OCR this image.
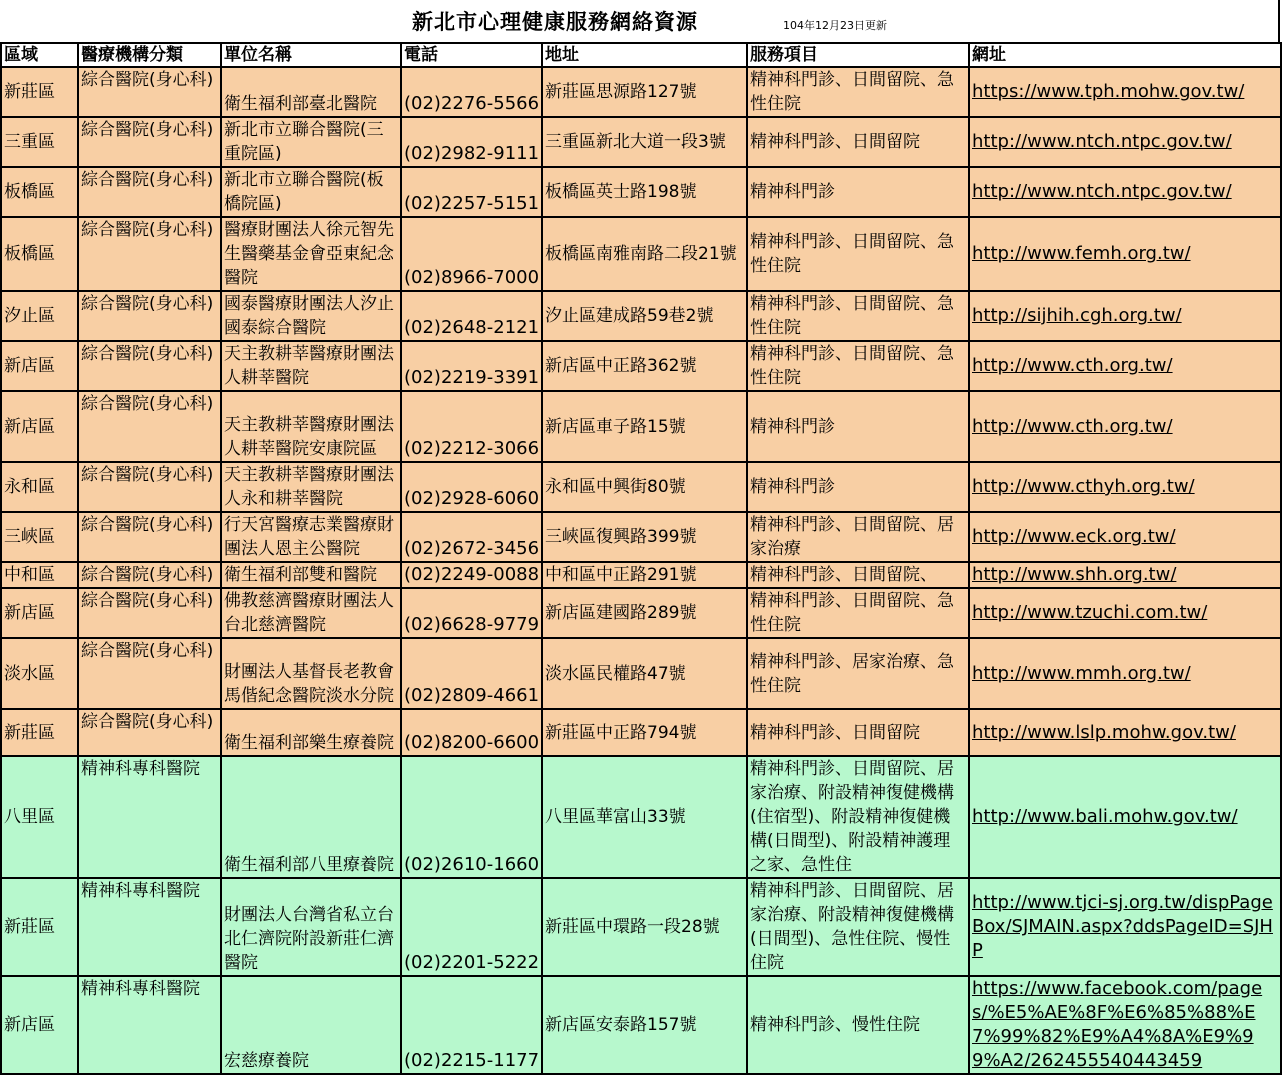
新北市心理健康服務網絡資源	104年12月23日更新
區域	醫療機構分類	單位名稱	電話	地址	服務項目	網址
新莊區	綜合醫院(身心科)	衛生福利部臺北醫院	(02)2276-5566	新莊區思源路127號	精神科門診、日間留院、急性住院	https://www.tph.mohw.gov.tw/
三重區	綜合醫院(身心科)	新北市立聯合醫院(三重院區)	(02)2982-9111	三重區新北大道一段3號	精神科門診、日間留院	http://www.ntch.ntpc.gov.tw/
板橋區	綜合醫院(身心科)	新北市立聯合醫院(板橋院區)	(02)2257-5151	板橋區英士路198號	精神科門診	http://www.ntch.ntpc.gov.tw/
板橋區	綜合醫院(身心科)	醫療財團法人徐元智先生醫藥基金會亞東紀念醫院	(02)8966-7000	板橋區南雅南路二段21號	精神科門診、日間留院、急性住院	http://www.femh.org.tw/
汐止區	綜合醫院(身心科)	國泰醫療財團法人汐止國泰綜合醫院	(02)2648-2121	汐止區建成路59巷2號	精神科門診、日間留院、急性住院	http://sijhih.cgh.org.tw/
新店區	綜合醫院(身心科)	天主教耕莘醫療財團法人耕莘醫院	(02)2219-3391	新店區中正路362號	精神科門診、日間留院、急性住院	http://www.cth.org.tw/
新店區	綜合醫院(身心科)	天主教耕莘醫療財團法人耕莘醫院安康院區	(02)2212-3066	新店區車子路15號	精神科門診	http://www.cth.org.tw/
永和區	綜合醫院(身心科)	天主教耕莘醫療財團法人永和耕莘醫院	(02)2928-6060	永和區中興街80號	精神科門診	http://www.cthyh.org.tw/
三峽區	綜合醫院(身心科)	行天宮醫療志業醫療財團法人恩主公醫院	(02)2672-3456	三峽區復興路399號	精神科門診、日間留院、居家治療	http://www.eck.org.tw/
中和區	綜合醫院(身心科)	衛生福利部雙和醫院	(02)2249-0088	中和區中正路291號	精神科門診、日間留院、	http://www.shh.org.tw/
新店區	綜合醫院(身心科)	佛教慈濟醫療財團法人台北慈濟醫院	(02)6628-9779	新店區建國路289號	精神科門診、日間留院、急性住院	http://www.tzuchi.com.tw/
淡水區	綜合醫院(身心科)	財團法人基督長老教會馬偕紀念醫院淡水分院	(02)2809-4661	淡水區民權路47號	精神科門診、居家治療、急性住院	http://www.mmh.org.tw/
新莊區	綜合醫院(身心科)	衛生福利部樂生療養院	(02)8200-6600	新莊區中正路794號	精神科門診、日間留院	http://www.lslp.mohw.gov.tw/
八里區	精神科專科醫院	衛生福利部八里療養院	(02)2610-1660	八里區華富山33號	精神科門診、日間留院、居家治療、附設精神復健機構(住宿型)、附設精神復健機構(日間型)、附設精神護理之家、急性住	http://www.bali.mohw.gov.tw/
新莊區	精神科專科醫院	財團法人台灣省私立台北仁濟院附設新莊仁濟醫院	(02)2201-5222	新莊區中環路一段28號	精神科門診、日間留院、居家治療、附設精神復健機構(日間型)、急性住院、慢性住院	http://www.tjci-sj.org.tw/dispPageBox/SJMAIN.aspx?ddsPageID=SJHP
新店區	精神科專科醫院	宏慈療養院	(02)2215-1177	新店區安泰路157號	精神科門診、慢性住院	https://www.facebook.com/pages/%E5%AE%8F%E6%85%88%E7%99%82%E9%A4%8A%E9%99%A2/262455540443459
